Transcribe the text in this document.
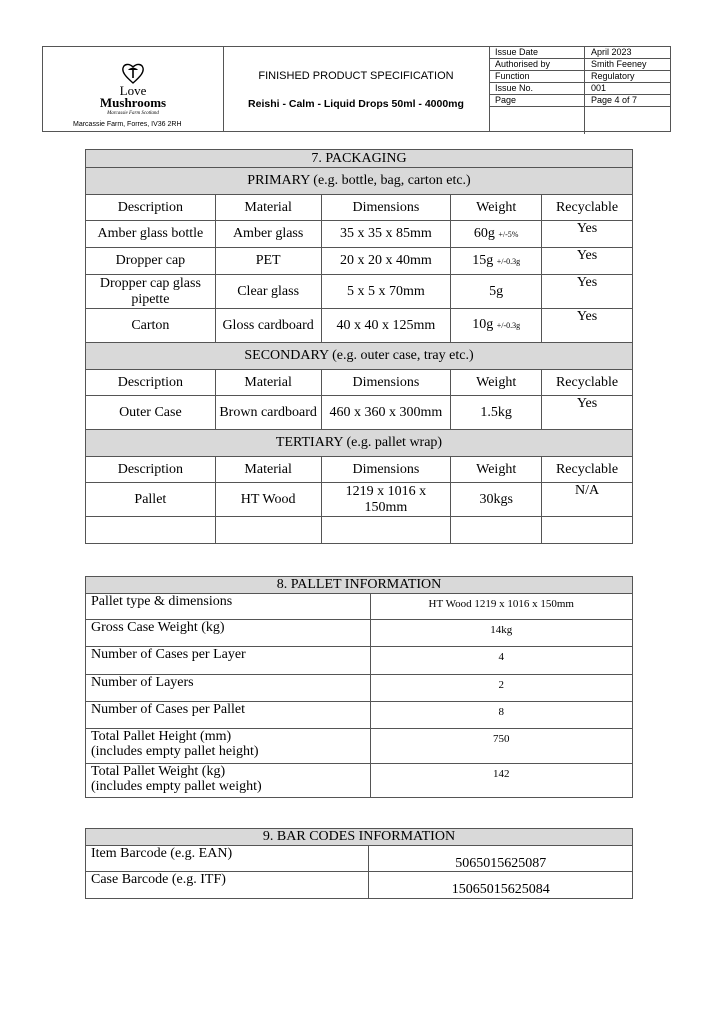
Love
Mushrooms
Marcassie Farm Scotland
Marcassie Farm, Forres, IV36 2RH
FINISHED PRODUCT SPECIFICATION
Reishi - Calm - Liquid Drops 50ml - 4000mg
Issue Date	April 2023
Authorised by	Smith Feeney
Function	Regulatory
Issue No.	001
Page	Page 4 of 7

7. PACKAGING				
PRIMARY (e.g. bottle, bag, carton etc.)				
Description	Material	Dimensions	Weight	Recyclable
Amber glass bottle	Amber glass	35 x 35 x 85mm	60g +/-5%	Yes
Dropper cap	PET	20 x 20 x 40mm	15g +/-0.3g	Yes
Dropper cap glass pipette	Clear glass	5 x 5 x 70mm	5g	Yes
Carton	Gloss cardboard	40 x 40 x 125mm	10g +/-0.3g	Yes
SECONDARY (e.g. outer case, tray etc.)				
Description	Material	Dimensions	Weight	Recyclable
Outer Case	Brown cardboard	460 x 360 x 300mm	1.5kg	Yes
TERTIARY (e.g. pallet wrap)				
Description	Material	Dimensions	Weight	Recyclable
Pallet	HT Wood	1219 x 1016 x 150mm	30kgs	N/A

8. PALLET INFORMATION	
Pallet type & dimensions	HT Wood 1219 x 1016 x 150mm
Gross Case Weight (kg)	14kg
Number of Cases per Layer	4
Number of Layers	2
Number of Cases per Pallet	8

Total Pallet Height (mm)
(includes empty pallet height)	750

Total Pallet Weight (kg)
(includes empty pallet weight)	142
9. BAR CODES INFORMATION	
Item Barcode (e.g. EAN)	5065015625087
Case Barcode (e.g. ITF)	15065015625084
